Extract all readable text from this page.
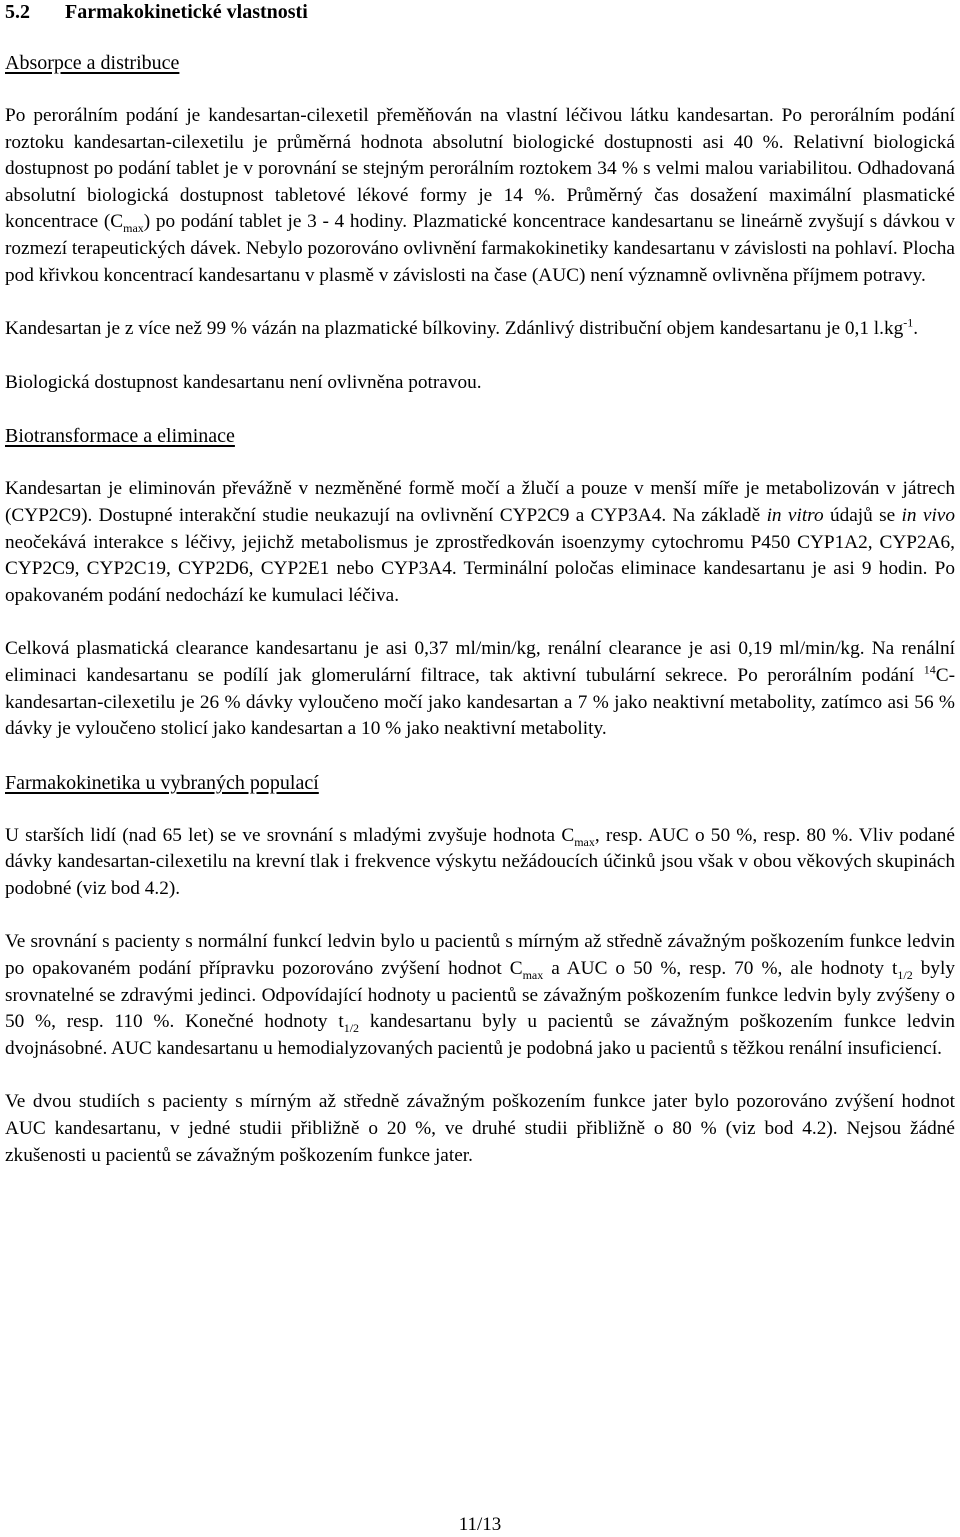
5.2	Farmakokinetické vlastnosti
Absorpce a distribuce

Po perorálním podání je kandesartan-cilexetil přeměňován na vlastní léčivou látku kandesartan. Po perorálním podání roztoku kandesartan-cilexetilu je průměrná hodnota absolutní biologické dostupnosti asi 40 %. Relativní biologická dostupnost po podání tablet je v porovnání se stejným perorálním roztokem 34 % s velmi malou variabilitou. Odhadovaná absolutní biologická dostupnost tabletové lékové formy je 14 %. Průměrný čas dosažení maximální plasmatické koncentrace $(C_{max})$ po podání tablet je 3 - 4 hodiny. Plazmatické koncentrace kandesartanu se lineárně zvyšují s dávkou v rozmezí terapeutických dávek. Nebylo pozorováno ovlivnění farmakokinetiky kandesartanu v závislosti na pohlaví. Plocha pod křivkou koncentrací kandesartanu v plasmě v závislosti na čase (AUC) není významně ovlivněna příjmem potravy.

Kandesartan je z více než 99 % vázán na plazmatické bílkoviny. Zdánlivý distribuční objem kandesartanu je 0,1 $l.kg^{-1}$.

Biologická dostupnost kandesartanu není ovlivněna potravou.

Biotransformace a eliminace

Kandesartan je eliminován převážně v nezměněné formě močí a žlučí a pouze v menší míře je metabolizován v játrech (CYP2C9). Dostupné interakční studie neukazují na ovlivnění CYP2C9 a CYP3A4. Na základě in vitro údajů se in vivo neočekává interakce s léčivy, jejichž metabolismus je zprostředkován isoenzymy cytochromu P450 CYP1A2, CYP2A6, CYP2C9, CYP2C19, CYP2D6, CYP2E1 nebo CYP3A4. Terminální poločas eliminace kandesartanu je asi 9 hodin. Po opakovaném podání nedochází ke kumulaci léčiva.

Celková plasmatická clearance kandesartanu je asi 0,37 ml/min/kg, renální clearance je asi 0,19 ml/min/kg. Na renální eliminaci kandesartanu se podílí jak glomerulární filtrace, tak aktivní tubulární sekrece. Po perorálním podání $^{14}$C-kandesartan-cilexetilu je 26 % dávky vyloučeno močí jako kandesartan a 7 % jako neaktivní metabolity, zatímco asi 56 % dávky je vyloučeno stolicí jako kandesartan a 10 % jako neaktivní metabolity.

Farmakokinetika u vybraných populací

U starších lidí (nad 65 let) se ve srovnání s mladými zvyšuje hodnota $C_{max}$, resp. AUC o 50 %, resp. 80 %. Vliv podané dávky kandesartan-cilexetilu na krevní tlak i frekvence výskytu nežádoucích účinků jsou však v obou věkových skupinách podobné (viz bod 4.2).

Ve srovnání s pacienty s normální funkcí ledvin bylo u pacientů s mírným až středně závažným poškozením funkce ledvin po opakovaném podání přípravku pozorováno zvýšení hodnot $C_{max}$ a AUC o 50 %, resp. 70 %, ale hodnoty $t_{1/2}$ byly srovnatelné se zdravými jedinci. Odpovídající hodnoty u pacientů se závažným poškozením funkce ledvin byly zvýšeny o 50 %, resp. 110 %. Konečné hodnoty $t_{1/2}$ kandesartanu byly u pacientů se závažným poškozením funkce ledvin dvojnásobné. AUC kandesartanu u hemodialyzovaných pacientů je podobná jako u pacientů s těžkou renální insuficiencí.

Ve dvou studiích s pacienty s mírným až středně závažným poškozením funkce jater bylo pozorováno zvýšení hodnot AUC kandesartanu, v jedné studii přibližně o 20 %, ve druhé studii přibližně o 80 % (viz bod 4.2). Nejsou žádné zkušenosti u pacientů se závažným poškozením funkce jater.

11/13
